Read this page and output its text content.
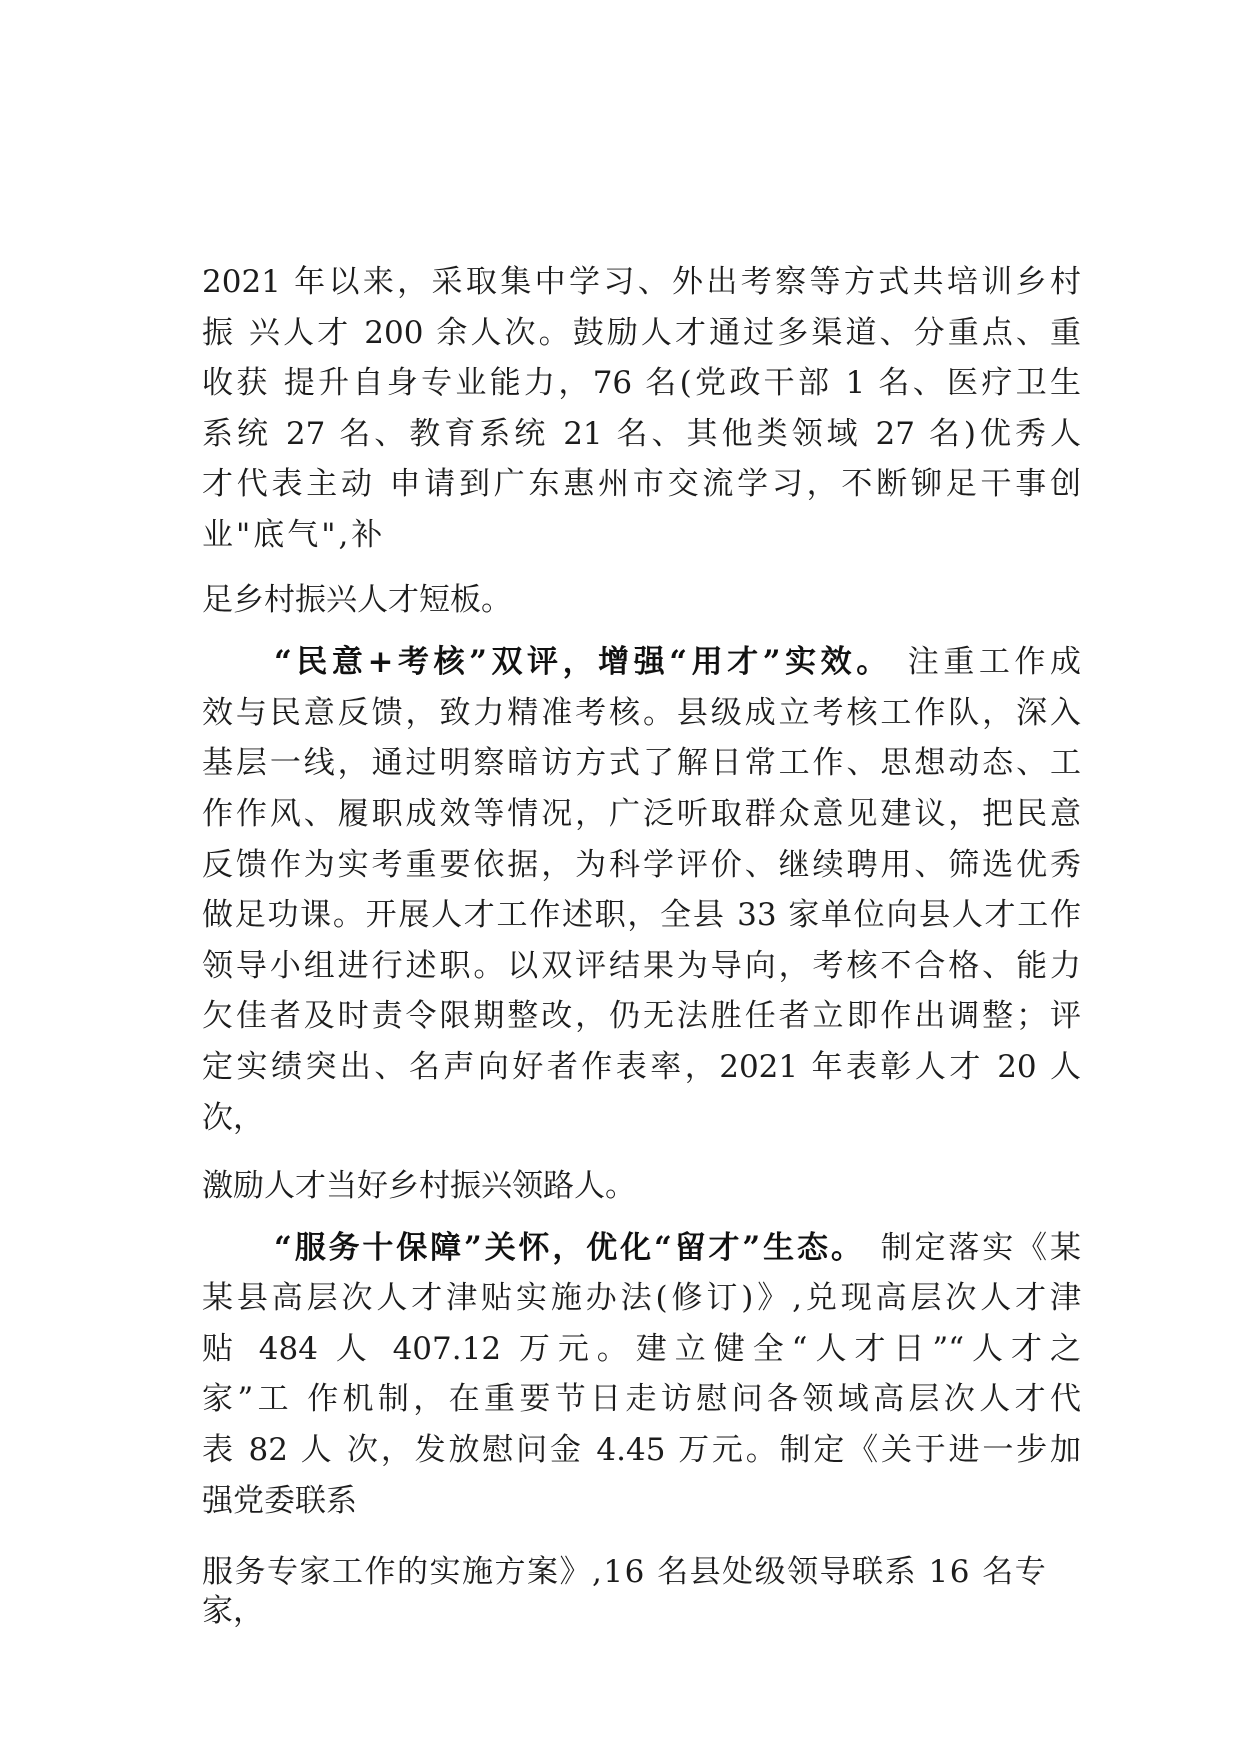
2021 年以来，采取集中学习、外出考察等方式共培训乡村
振 兴人才 200 余人次。鼓励人才通过多渠道、分重点、重
收获 提升自身专业能力，76 名(党政干部 1 名、医疗卫生
系统 27 名、教育系统 21 名、其他类领域 27 名)优秀人
才代表主动 申请到广东惠州市交流学习，不断铆足干事创
业"底气",补
足乡村振兴人才短板。
“民意+考核”双评，增强“用才”实效。 注重工作成
效与民意反馈，致力精准考核。县级成立考核工作队，深入
基层一线，通过明察暗访方式了解日常工作、思想动态、工
作作风、履职成效等情况，广泛听取群众意见建议，把民意
反馈作为实考重要依据，为科学评价、继续聘用、筛选优秀
做足功课。开展人才工作述职，全县 33 家单位向县人才工作
领导小组进行述职。以双评结果为导向，考核不合格、能力
欠佳者及时责令限期整改，仍无法胜任者立即作出调整；评
定实绩突出、名声向好者作表率，2021 年表彰人才 20 人
次，
激励人才当好乡村振兴领路人。
“服务十保障”关怀，优化“留才”生态。 制定落实《某
某县高层次人才津贴实施办法(修订)》,兑现高层次人才津
贴 484 人 407.12 万元。建立健全“人才日”“人才之
家”工 作机制，在重要节日走访慰问各领域高层次人才代
表 82 人 次，发放慰问金 4.45 万元。制定《关于进一步加
强党委联系
服务专家工作的实施方案》,16 名县处级领导联系 16 名专
家，
